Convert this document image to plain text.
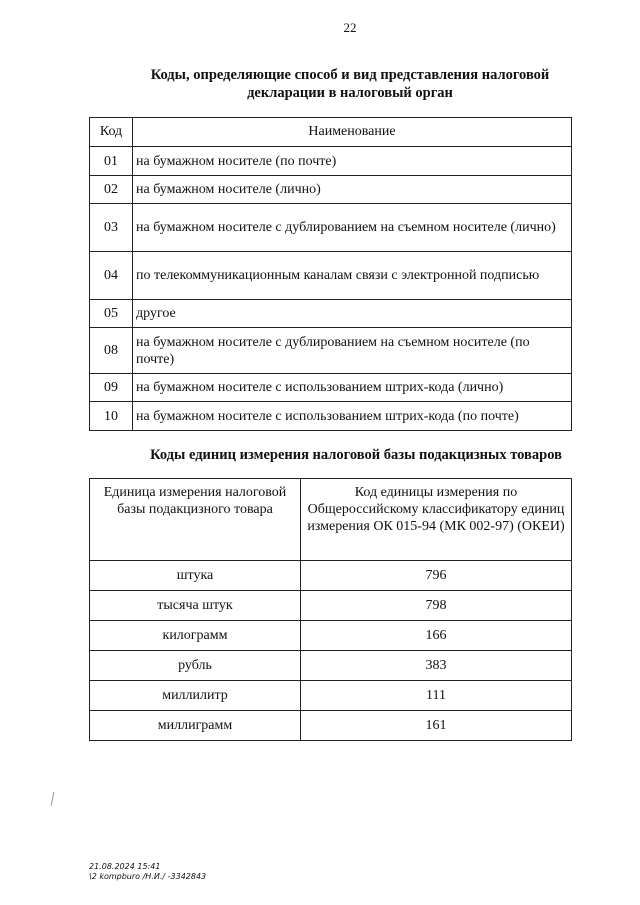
22
Коды, определяющие способ и вид представления налоговой декларации в налоговый орган
Код	Наименование
01	на бумажном носителе (по почте)
02	на бумажном носителе (лично)
03	на бумажном носителе с дублированием на съемном носителе (лично)
04	по телекоммуникационным каналам связи с электронной подписью
05	другое
08	на бумажном носителе с дублированием на съемном носителе (по почте)
09	на бумажном носителе с использованием штрих-кода (лично)
10	на бумажном носителе с использованием штрих-кода (по почте)
Коды единиц измерения налоговой базы подакцизных товаров
Единица измерения налоговой базы подакцизного товара	Код единицы измерения по Общероссийскому классификатору единиц измерения ОК 015-94 (МК 002-97) (ОКЕИ)
штука	796
тысяча штук	798
килограмм	166
рубль	383
миллилитр	111
миллиграмм	161
21.08.2024 15:41
\2 kompburo /Н.И./ -3342843
